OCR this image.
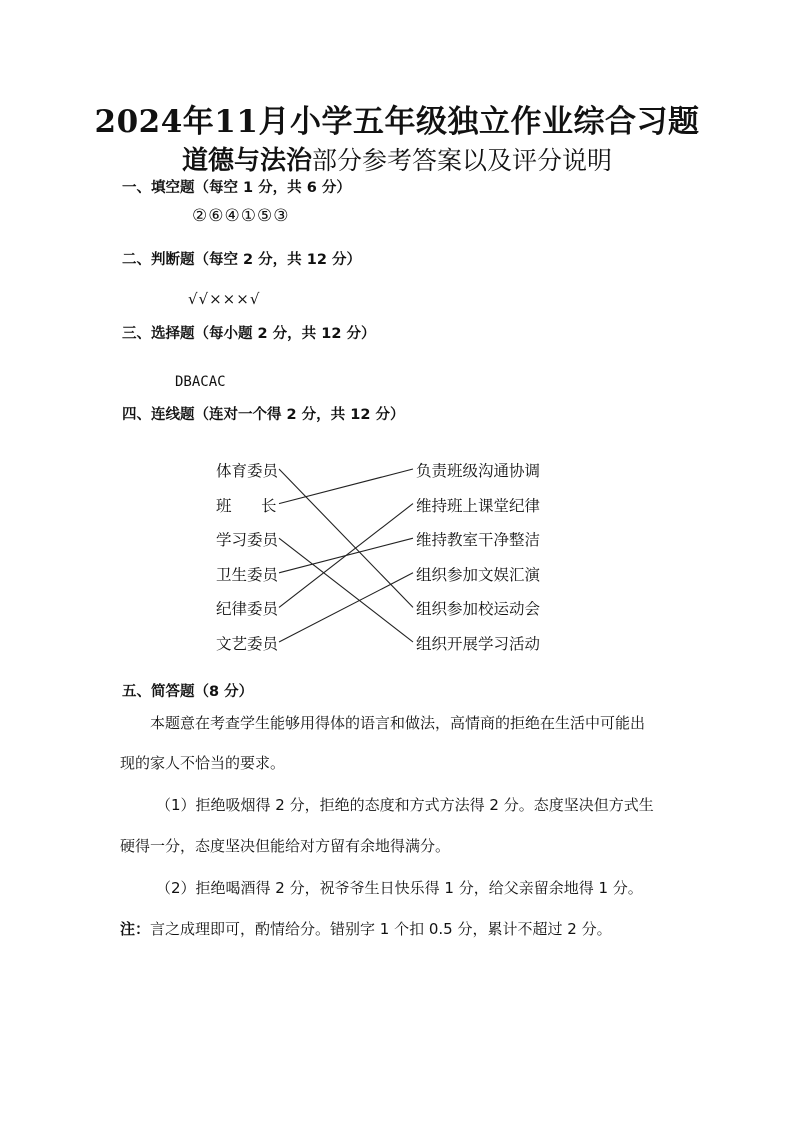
2024年11月小学五年级独立作业综合习题
道德与法治部分参考答案以及评分说明
一、填空题（每空 1 分，共 6 分）
②⑥④①⑤③
二、判断题（每空 2 分，共 12 分）
√√×××√
三、选择题（每小题 2 分，共 12 分）
DBACAC
四、连线题（连对一个得 2 分，共 12 分）
体育委员
班      长
学习委员
卫生委员
纪律委员
文艺委员
负责班级沟通协调
维持班上课堂纪律
维持教室干净整洁
组织参加文娱汇演
组织参加校运动会
组织开展学习活动
五、简答题（8 分）
本题意在考查学生能够用得体的语言和做法，高情商的拒绝在生活中可能出
现的家人不恰当的要求。
（1）拒绝吸烟得 2 分，拒绝的态度和方式方法得 2 分。态度坚决但方式生
硬得一分，态度坚决但能给对方留有余地得满分。
（2）拒绝喝酒得 2 分，祝爷爷生日快乐得 1 分，给父亲留余地得 1 分。
注：言之成理即可，酌情给分。错别字 1 个扣 0.5 分，累计不超过 2 分。
